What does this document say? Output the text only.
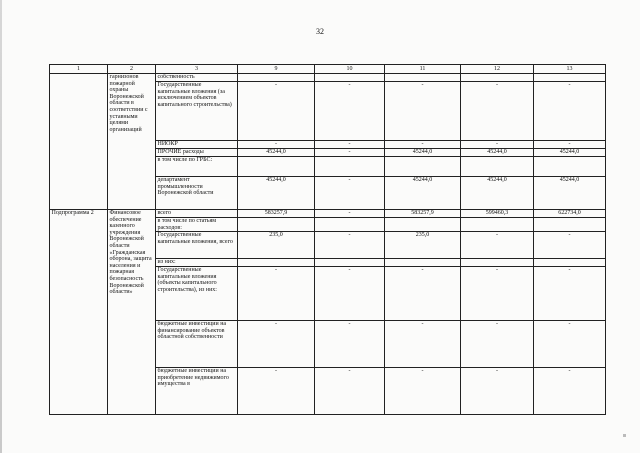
32
1	2	3	9	10	11	12	13
	гарнизонов пожарной охраны Воронежской области в соответствии с уставными целями организаций	собственность					
		Государственные капитальные вложения (за исключением объектов капитального строительства)	-	-	-	-	-
		НИОКР	-	-	-	-	-
		ПРОЧИЕ расходы	45244,0	-	45244,0	45244,0	45244,0
		в том числе по ГРБС:					
		департамент промышленности Воронежской области	45244,0	-	45244,0	45244,0	45244,0
Подпрограмма 2	Финансовое обеспечение казенного учреждения Воронежской области «Гражданская оборона, защита населения и пожарная безопасность Воронежской области»	всего	583257,9	-	583257,9	599460,3	622734,0
		в том числе по статьям расходов:					
		Государственные капитальные вложения, всего	235,0	-	235,0	-	-
		из них:					
		Государственные капитальные вложения (объекты капитального строительства), из них:	-	-	-	-	-
		бюджетные инвестиции на финансирование объектов областной собственности	-	-	-	-	-
		бюджетные инвестиции на приобретение недвижимого имущества в	-	-	-	-	-
